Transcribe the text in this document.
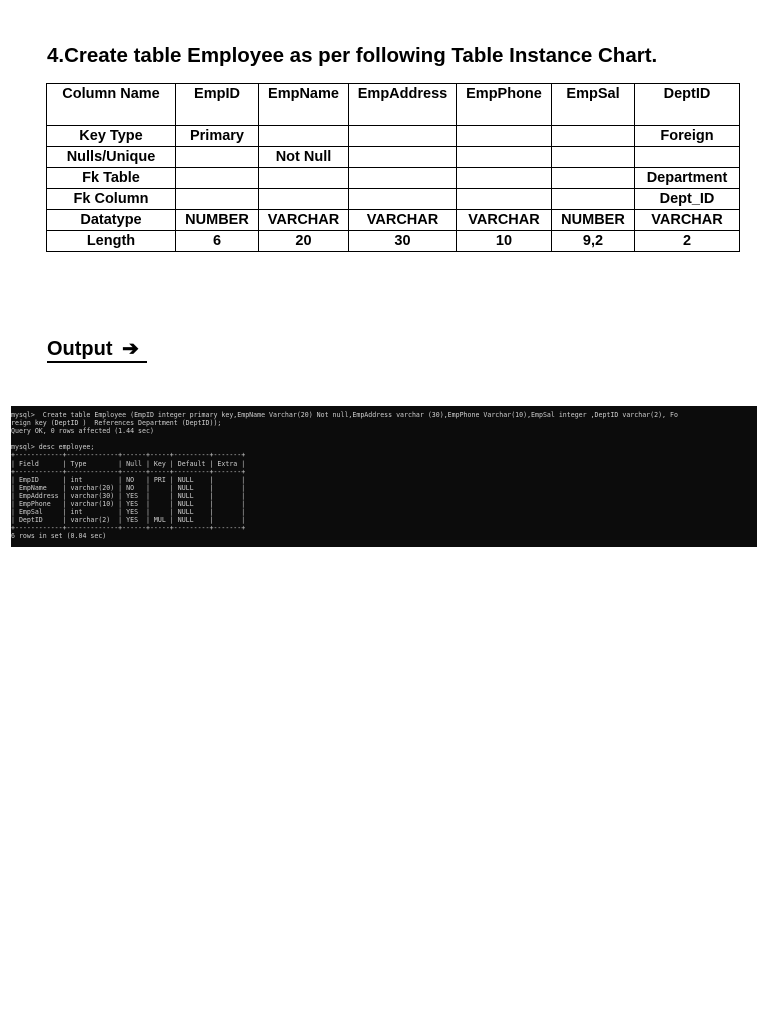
4.Create table Employee as per following Table Instance Chart.
Column Name	EmpID	EmpName	EmpAddress	EmpPhone	EmpSal	DeptID
Key Type	Primary					Foreign
Nulls/Unique		Not Null				
Fk Table						Department
Fk Column						Dept_ID
Datatype	NUMBER	VARCHAR	VARCHAR	VARCHAR	NUMBER	VARCHAR
Length	6	20	30	10	9,2	2
Output ➔
mysql>  Create table Employee (EmpID integer primary key,EmpName Varchar(20) Not null,EmpAddress varchar (30),EmpPhone Varchar(10),EmpSal integer ,DeptID varchar(2), Fo
reign key (DeptID )  References Department (DeptID));
Query OK, 0 rows affected (1.44 sec)

mysql> desc employee;
+------------+-------------+------+-----+---------+-------+
| Field      | Type        | Null | Key | Default | Extra |
+------------+-------------+------+-----+---------+-------+
| EmpID      | int         | NO   | PRI | NULL    |       |
| EmpName    | varchar(20) | NO   |     | NULL    |       |
| EmpAddress | varchar(30) | YES  |     | NULL    |       |
| EmpPhone   | varchar(10) | YES  |     | NULL    |       |
| EmpSal     | int         | YES  |     | NULL    |       |
| DeptID     | varchar(2)  | YES  | MUL | NULL    |       |
+------------+-------------+------+-----+---------+-------+
6 rows in set (0.04 sec)
